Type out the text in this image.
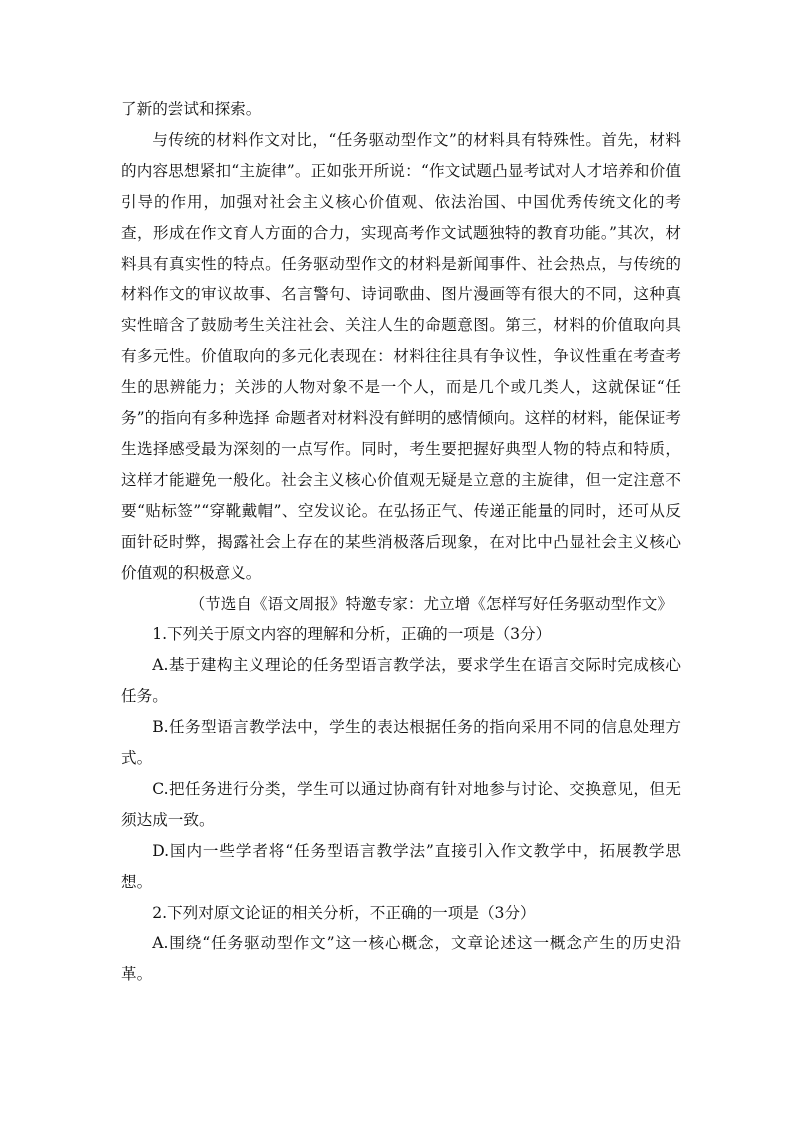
了新的尝试和探索。

与传统的材料作文对比，“任务驱动型作文”的材料具有特殊性。首先，材料的内容思想紧扣“主旋律”。正如张开所说：“作文试题凸显考试对人才培养和价值引导的作用，加强对社会主义核心价值观、依法治国、中国优秀传统文化的考查，形成在作文育人方面的合力，实现高考作文试题独特的教育功能。”其次，材料具有真实性的特点。任务驱动型作文的材料是新闻事件、社会热点，与传统的材料作文的审议故事、名言警句、诗词歌曲、图片漫画等有很大的不同，这种真实性暗含了鼓励考生关注社会、关注人生的命题意图。第三，材料的价值取向具有多元性。价值取向的多元化表现在：材料往往具有争议性，争议性重在考查考生的思辨能力；关涉的人物对象不是一个人，而是几个或几类人，这就保证“任务”的指向有多种选择 命题者对材料没有鲜明的感情倾向。这样的材料，能保证考生选择感受最为深刻的一点写作。同时，考生要把握好典型人物的特点和特质，这样才能避免一般化。社会主义核心价值观无疑是立意的主旋律，但一定注意不要“贴标签”“穿靴戴帽”、空发议论。在弘扬正气、传递正能量的同时，还可从反面针砭时弊，揭露社会上存在的某些消极落后现象，在对比中凸显社会主义核心价值观的积极意义。

（节选自《语文周报》特邀专家：尤立增《怎样写好任务驱动型作文》

1.下列关于原文内容的理解和分析，正确的一项是（3分）

A.基于建构主义理论的任务型语言教学法，要求学生在语言交际时完成核心任务。

B.任务型语言教学法中，学生的表达根据任务的指向采用不同的信息处理方式。

C.把任务进行分类，学生可以通过协商有针对地参与讨论、交换意见，但无须达成一致。

D.国内一些学者将“任务型语言教学法”直接引入作文教学中，拓展教学思想。

2.下列对原文论证的相关分析，不正确的一项是（3分）

A.围绕“任务驱动型作文”这一核心概念，文章论述这一概念产生的历史沿革。
